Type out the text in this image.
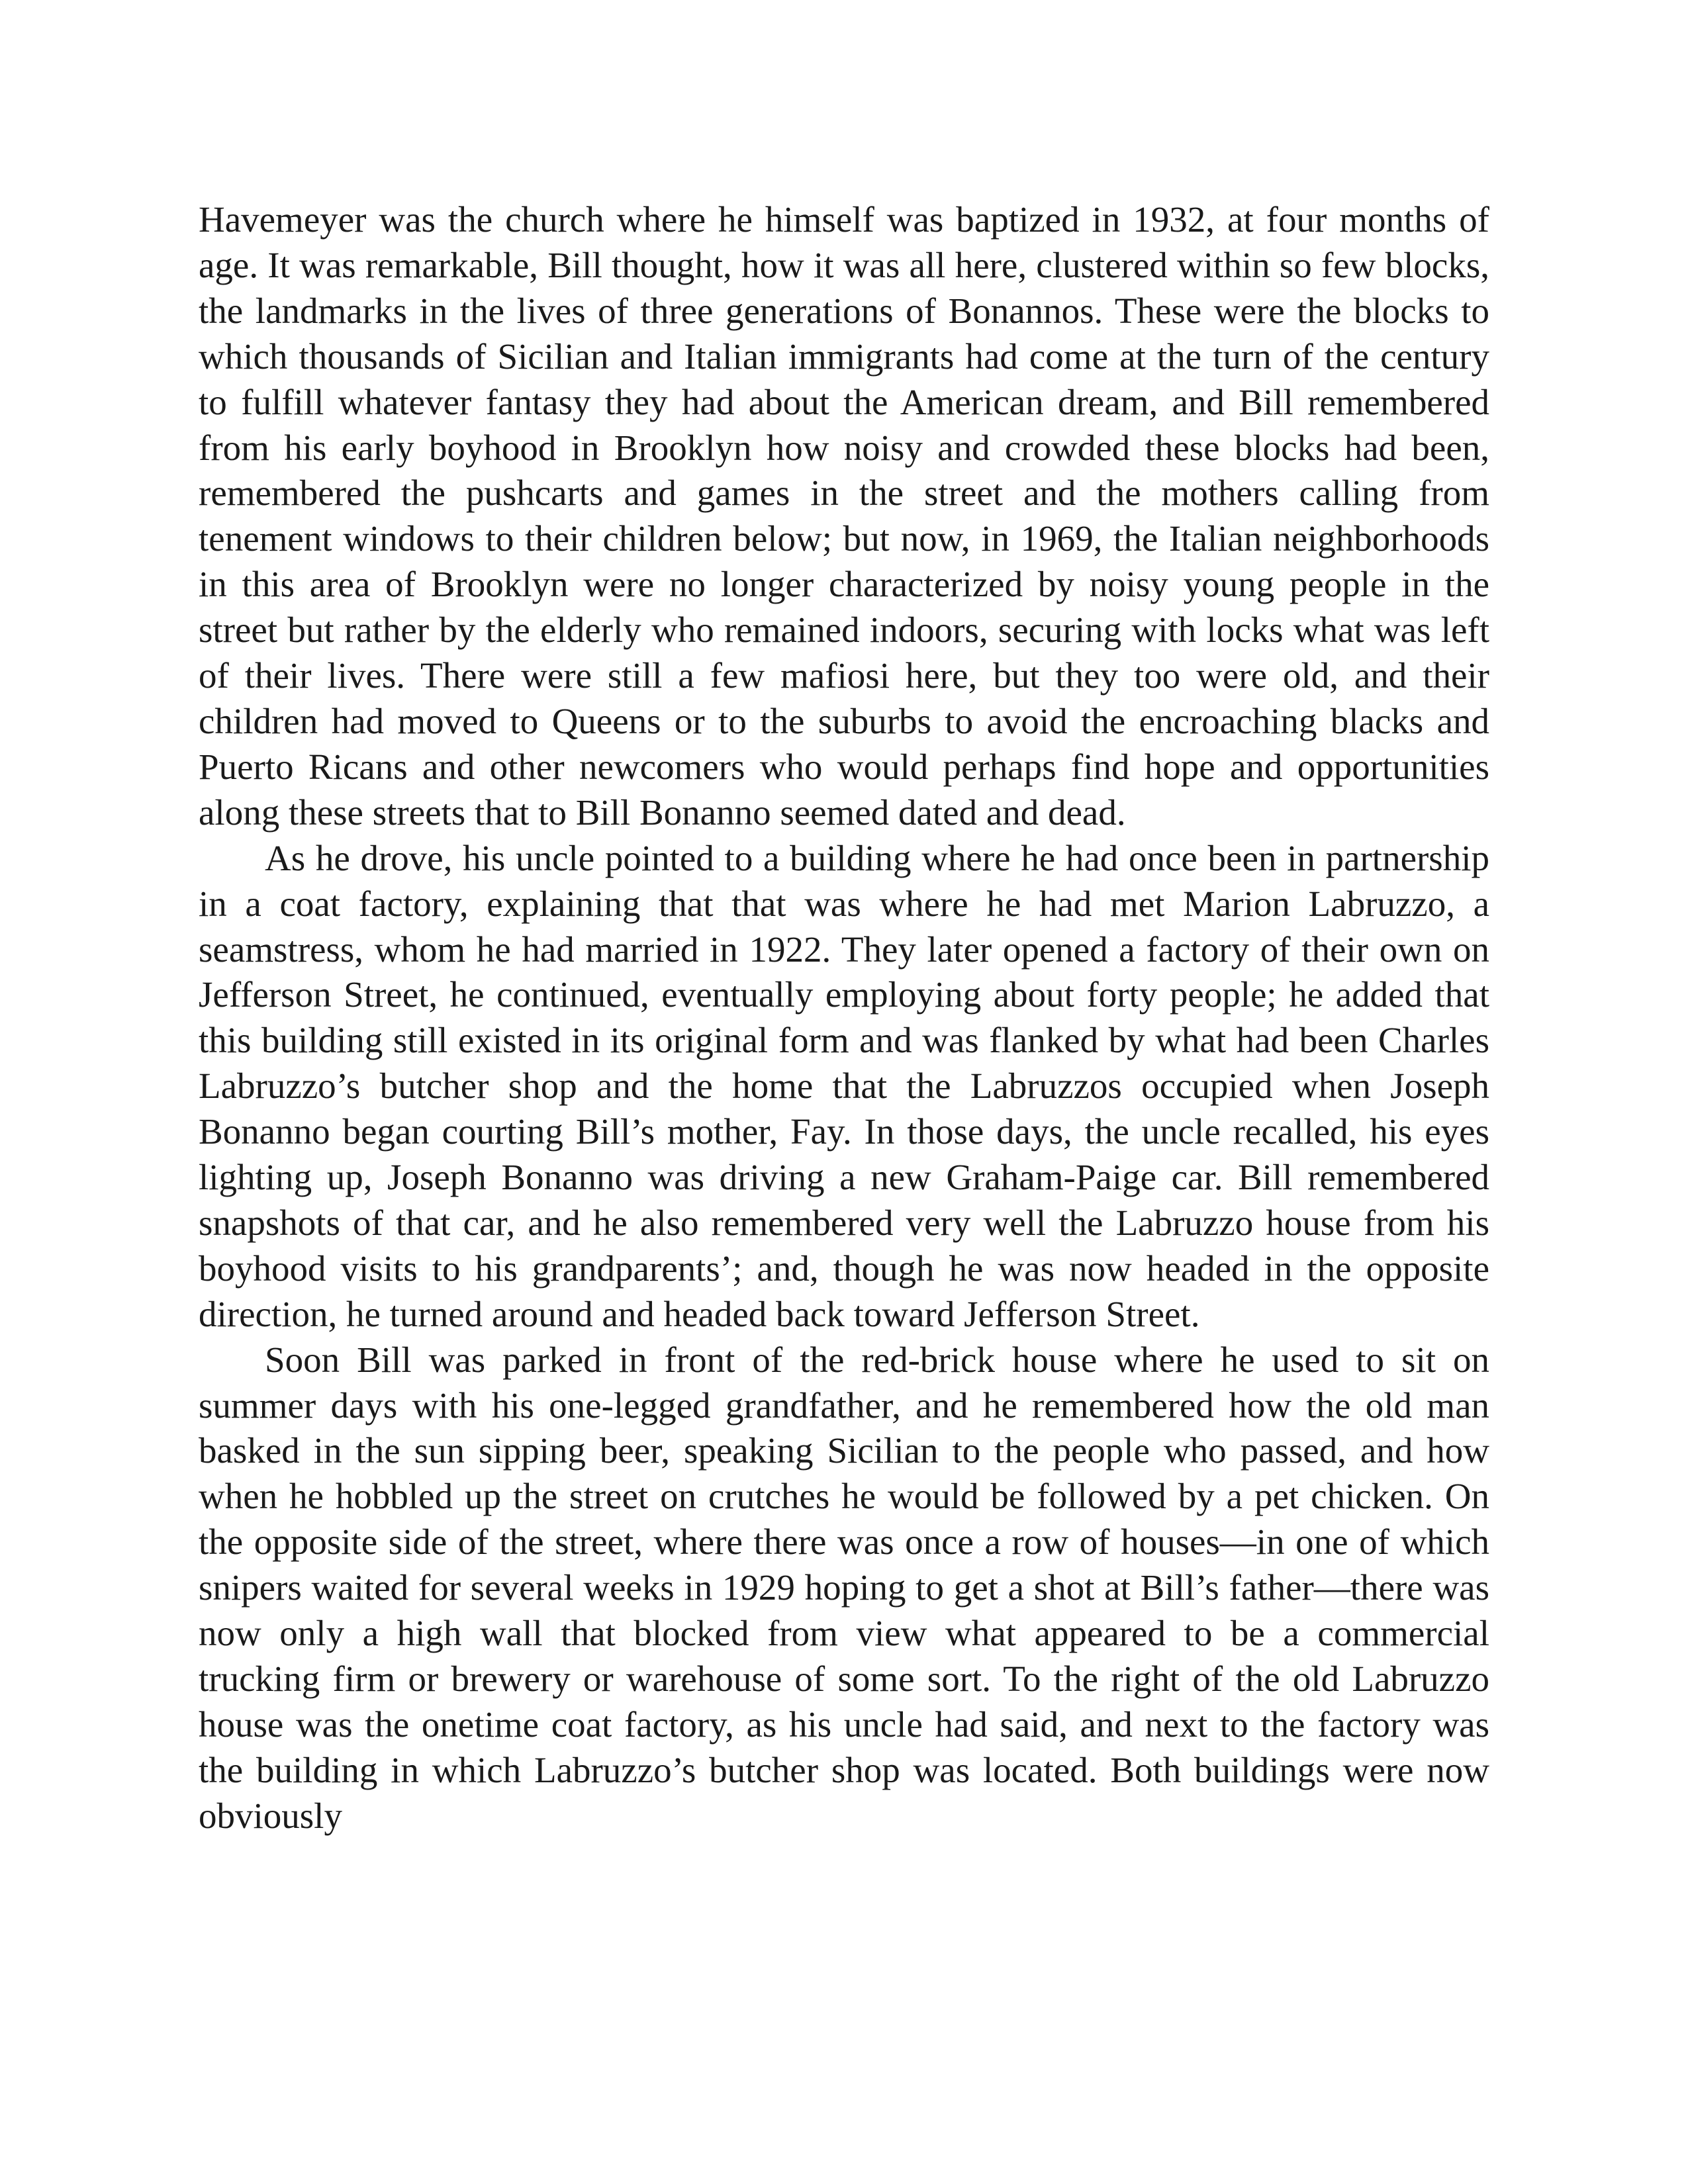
Havemeyer was the church where he himself was baptized in 1932, at four months of age. It was remarkable, Bill thought, how it was all here, clustered within so few blocks, the landmarks in the lives of three generations of Bonannos. These were the blocks to which thousands of Sicilian and Italian immigrants had come at the turn of the century to fulfill whatever fantasy they had about the American dream, and Bill remembered from his early boyhood in Brooklyn how noisy and crowded these blocks had been, remembered the pushcarts and games in the street and the mothers calling from tenement windows to their children below; but now, in 1969, the Italian neighborhoods in this area of Brooklyn were no longer characterized by noisy young people in the street but rather by the elderly who remained indoors, securing with locks what was left of their lives. There were still a few mafiosi here, but they too were old, and their children had moved to Queens or to the suburbs to avoid the encroaching blacks and Puerto Ricans and other newcomers who would perhaps find hope and opportunities along these streets that to Bill Bonanno seemed dated and dead.

As he drove, his uncle pointed to a building where he had once been in partnership in a coat factory, explaining that that was where he had met Marion Labruzzo, a seamstress, whom he had married in 1922. They later opened a factory of their own on Jefferson Street, he continued, eventually employing about forty people; he added that this building still existed in its original form and was flanked by what had been Charles Labruzzo’s butcher shop and the home that the Labruzzos occupied when Joseph Bonanno began courting Bill’s mother, Fay. In those days, the uncle recalled, his eyes lighting up, Joseph Bonanno was driving a new Graham-Paige car. Bill remembered snapshots of that car, and he also remembered very well the Labruzzo house from his boyhood visits to his grandparents’; and, though he was now headed in the opposite direction, he turned around and headed back toward Jefferson Street.

Soon Bill was parked in front of the red-brick house where he used to sit on summer days with his one-legged grandfather, and he remembered how the old man basked in the sun sipping beer, speaking Sicilian to the people who passed, and how when he hobbled up the street on crutches he would be followed by a pet chicken. On the opposite side of the street, where there was once a row of houses—in one of which snipers waited for several weeks in 1929 hoping to get a shot at Bill’s father—there was now only a high wall that blocked from view what appeared to be a commercial trucking firm or brewery or warehouse of some sort. To the right of the old Labruzzo house was the onetime coat factory, as his uncle had said, and next to the factory was the building in which Labruzzo’s butcher shop was located. Both buildings were now obviously
